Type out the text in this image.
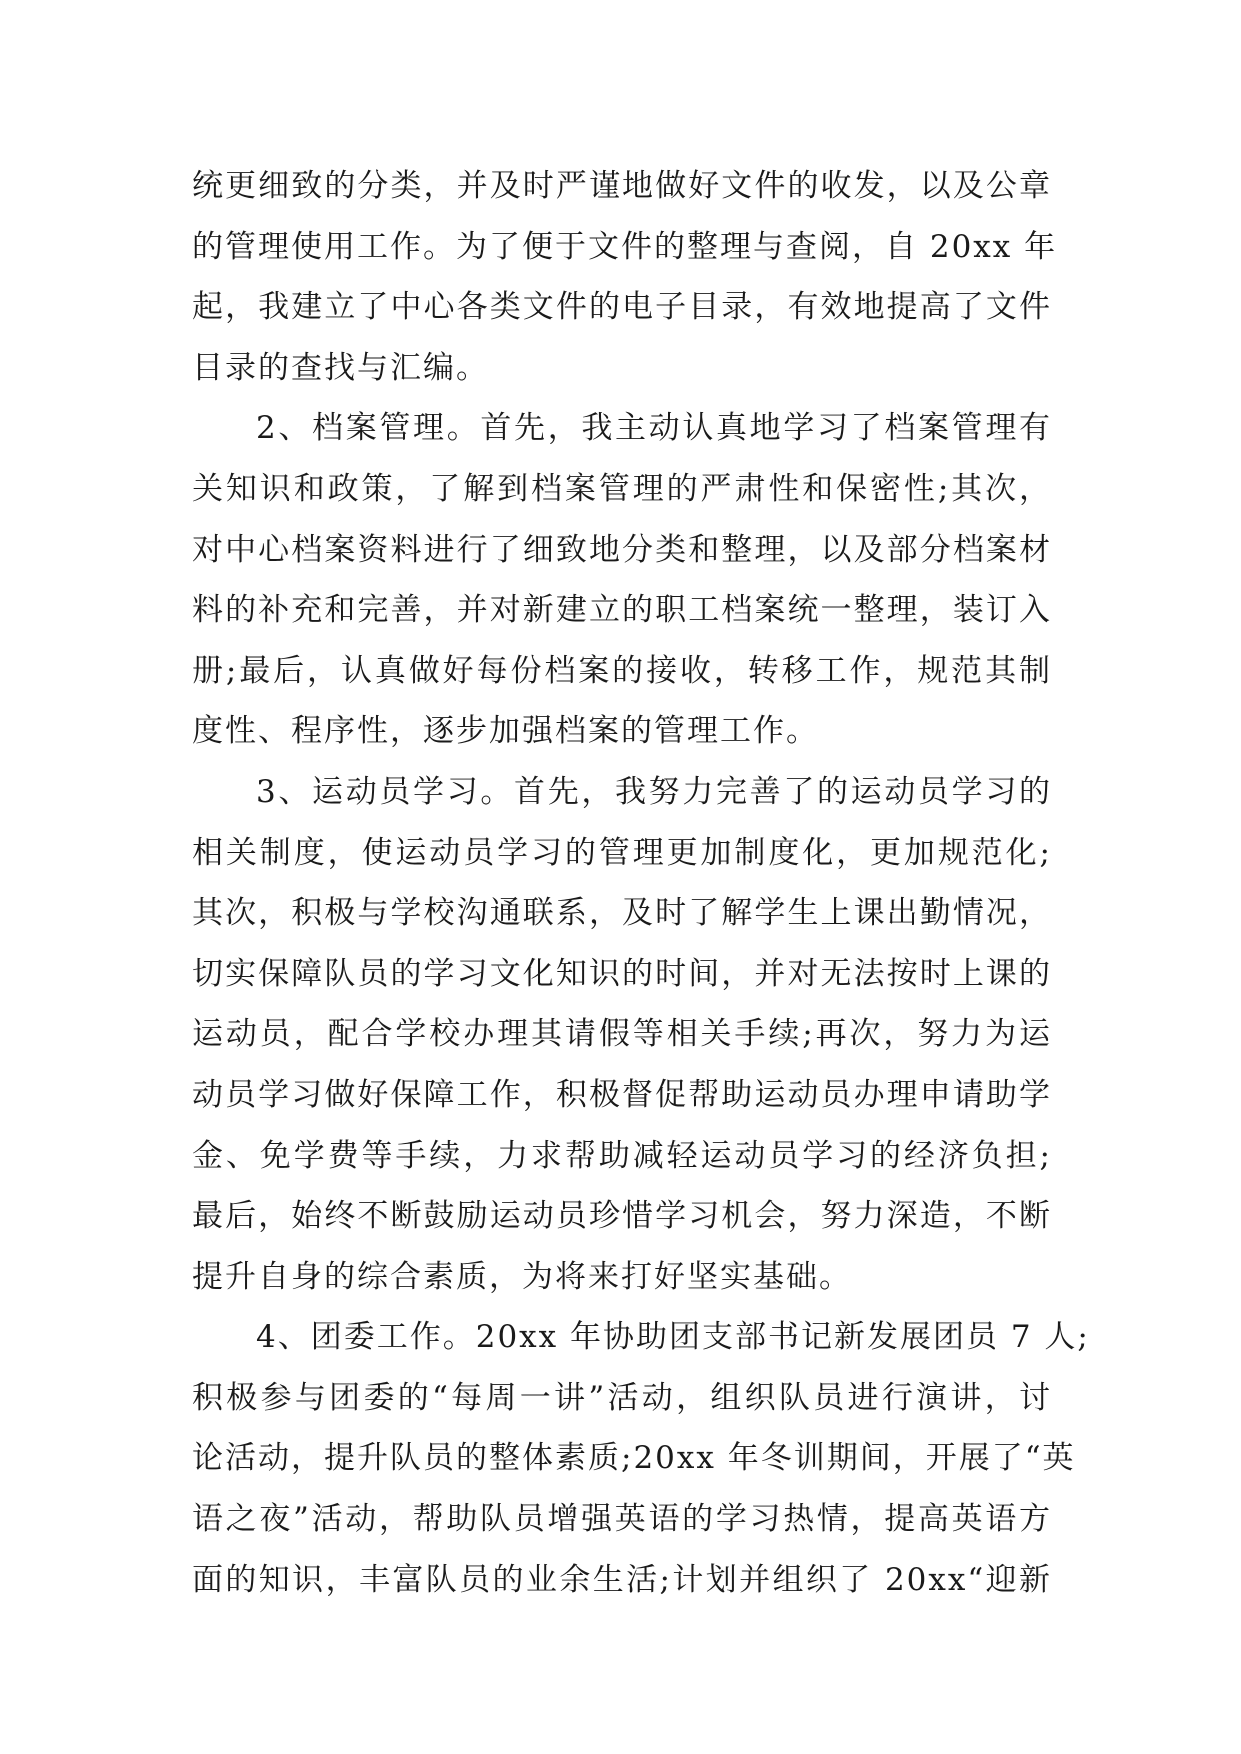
统更细致的分类，并及时严谨地做好文件的收发，以及公章
的管理使用工作。为了便于文件的整理与查阅，自 20xx 年
起，我建立了中心各类文件的电子目录，有效地提高了文件
目录的查找与汇编。
2、档案管理。首先，我主动认真地学习了档案管理有
关知识和政策，了解到档案管理的严肃性和保密性;其次，
对中心档案资料进行了细致地分类和整理，以及部分档案材
料的补充和完善，并对新建立的职工档案统一整理，装订入
册;最后，认真做好每份档案的接收，转移工作，规范其制
度性、程序性，逐步加强档案的管理工作。
3、运动员学习。首先，我努力完善了的运动员学习的
相关制度，使运动员学习的管理更加制度化，更加规范化;
其次，积极与学校沟通联系，及时了解学生上课出勤情况，
切实保障队员的学习文化知识的时间，并对无法按时上课的
运动员，配合学校办理其请假等相关手续;再次，努力为运
动员学习做好保障工作，积极督促帮助运动员办理申请助学
金、免学费等手续，力求帮助减轻运动员学习的经济负担;
最后，始终不断鼓励运动员珍惜学习机会，努力深造，不断
提升自身的综合素质，为将来打好坚实基础。
4、团委工作。20xx 年协助团支部书记新发展团员 7 人;
积极参与团委的“每周一讲”活动，组织队员进行演讲，讨
论活动，提升队员的整体素质;20xx 年冬训期间，开展了“英
语之夜”活动，帮助队员增强英语的学习热情，提高英语方
面的知识，丰富队员的业余生活;计划并组织了 20xx“迎新
